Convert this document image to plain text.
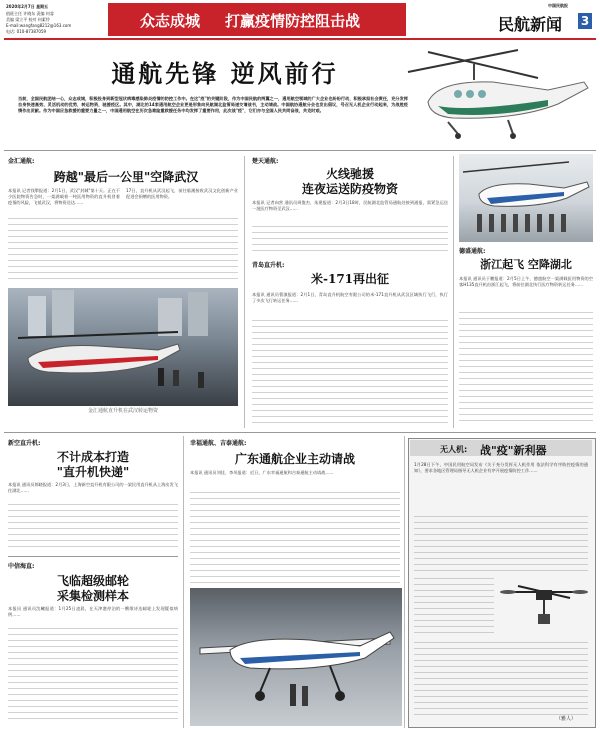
2020年2月7日 星期五
值班主任 许晓东 责编 何睿
美编 梁立平 校对 何素伶
E-mail:wangfang8212@163.com
电话: 010-87387059
众志成城 打赢疫情防控阻击战
中国民航报
民航新闻 3
通航先锋 逆风前行
当前，全国民航团结一心，众志成城，积极投身到新型冠状病毒感染肺炎疫情的防控工作中。在这"疫"的关键阶段，作为中国民航的两翼之一，通用航空领域的广大企业也纷纷行动，积极承担社会责任，充分发挥自身快速高效、灵活机动的优势，转运物资，驰援疫区。其中，湖北的14家通用航空企业更是形象向民航湖北监管局递交请战书，主动请战。中国航协通航分会也发出倡议，号召无人机企业行动起来，为战胜疫情作出贡献。作为中国应急救援的重要力量之一，中国通用航空在历次急难险重救援任务中均发挥了重要作用，此次战"疫"，它们亦与全国人民共同奋战，共克时艰。
金汇通航:
跨越"最后一公里"空降武汉
本报讯 记者钱擎报道：2月1日，武汉"封城"第十天。正在不少医院物资告急时，一架满载着一吨医用物资的直升机冒着疫情的风险，飞抵武汉，将物资送达……
17日，直升机从武汉起飞，前往临湘接收武汉文化创新产业促进会捐赠的医用物资。
金汇通航直升机在武汉转运物资
楚天通航:
火线驰援
连夜运送防疫物资
本报讯 记者向营 通讯员周俊杰、朱建报道：2月3日18时，民航湖北监管局通航处接到通报，需紧急运送一批医疗物资至武汉……
青岛直升机:
米-171再出征
本报讯 通讯员曹滇报道：2月1日，青岛直升机航空有限公司的米-171直升机从武汉区域执行飞行，执行了多次飞行转运任务……
德盛通航:
浙江起飞 空降湖北
本报讯 通讯员于鹏报道：2月5日上午，德盛航空一架满载医用物资的空客H135直升机由浙江起飞，将前往湖北执行医疗物资转运任务……
新空直升机:
不计成本打造
"直升机快递"
本报讯 通讯员郎晓报道：2月3日，上海新空直升机有限公司的一架民用直升机从上海出发飞往湖北……
中信海直:
飞临超级邮轮
采集检测样本
本报讯 通讯员沈曦报道：1月25日凌晨，在天津港停泊的一艘歌诗达邮轮上发现疑似病例……
幸福通航、吉泰通航:
广东通航企业主动请战
本报讯 通讯员刘佳、李凤报道：近日，广东幸福通航和吉泰通航主动请战……
无人机: 战"疫"新利器
1月28日下午，中国民用航空局发布《关于充分发挥无人机作用 依法科学有序防控疫情的通知》，要求各地区管理局指导无人机企业有序开展疫情防控工作……
（雅人）
